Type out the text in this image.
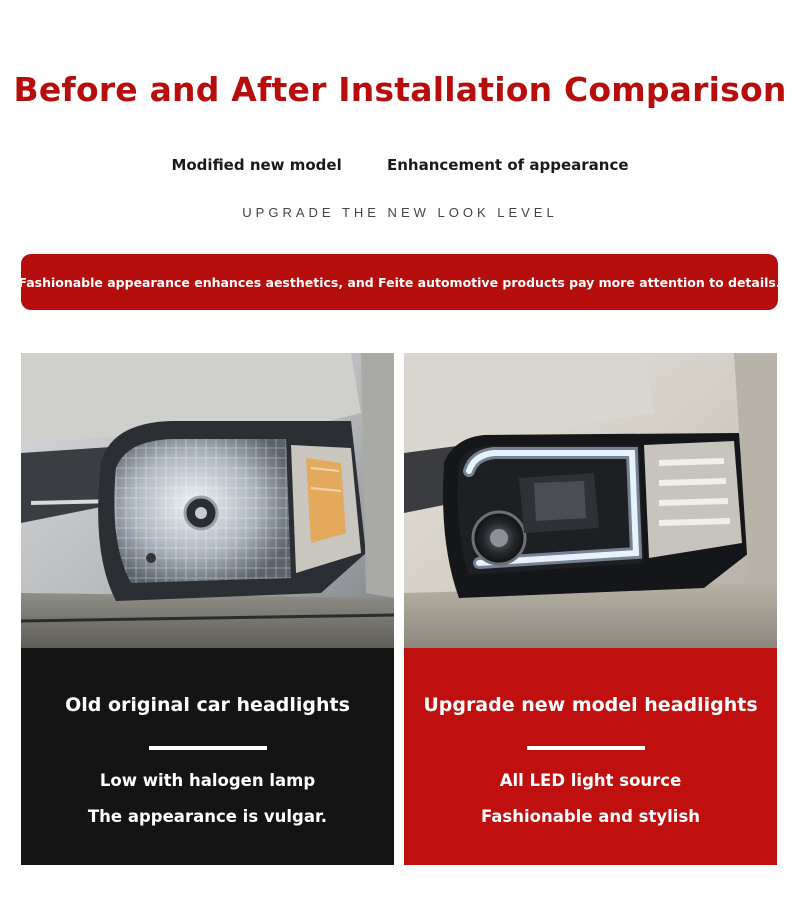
Before and After Installation Comparison
Modified new model	Enhancement of appearance
UPGRADE THE NEW LOOK LEVEL
Fashionable appearance enhances aesthetics, and Feite automotive products pay more attention to details.
Old original car headlights
Low with halogen lamp
The appearance is vulgar.
Upgrade new model headlights
All LED light source
Fashionable and stylish
